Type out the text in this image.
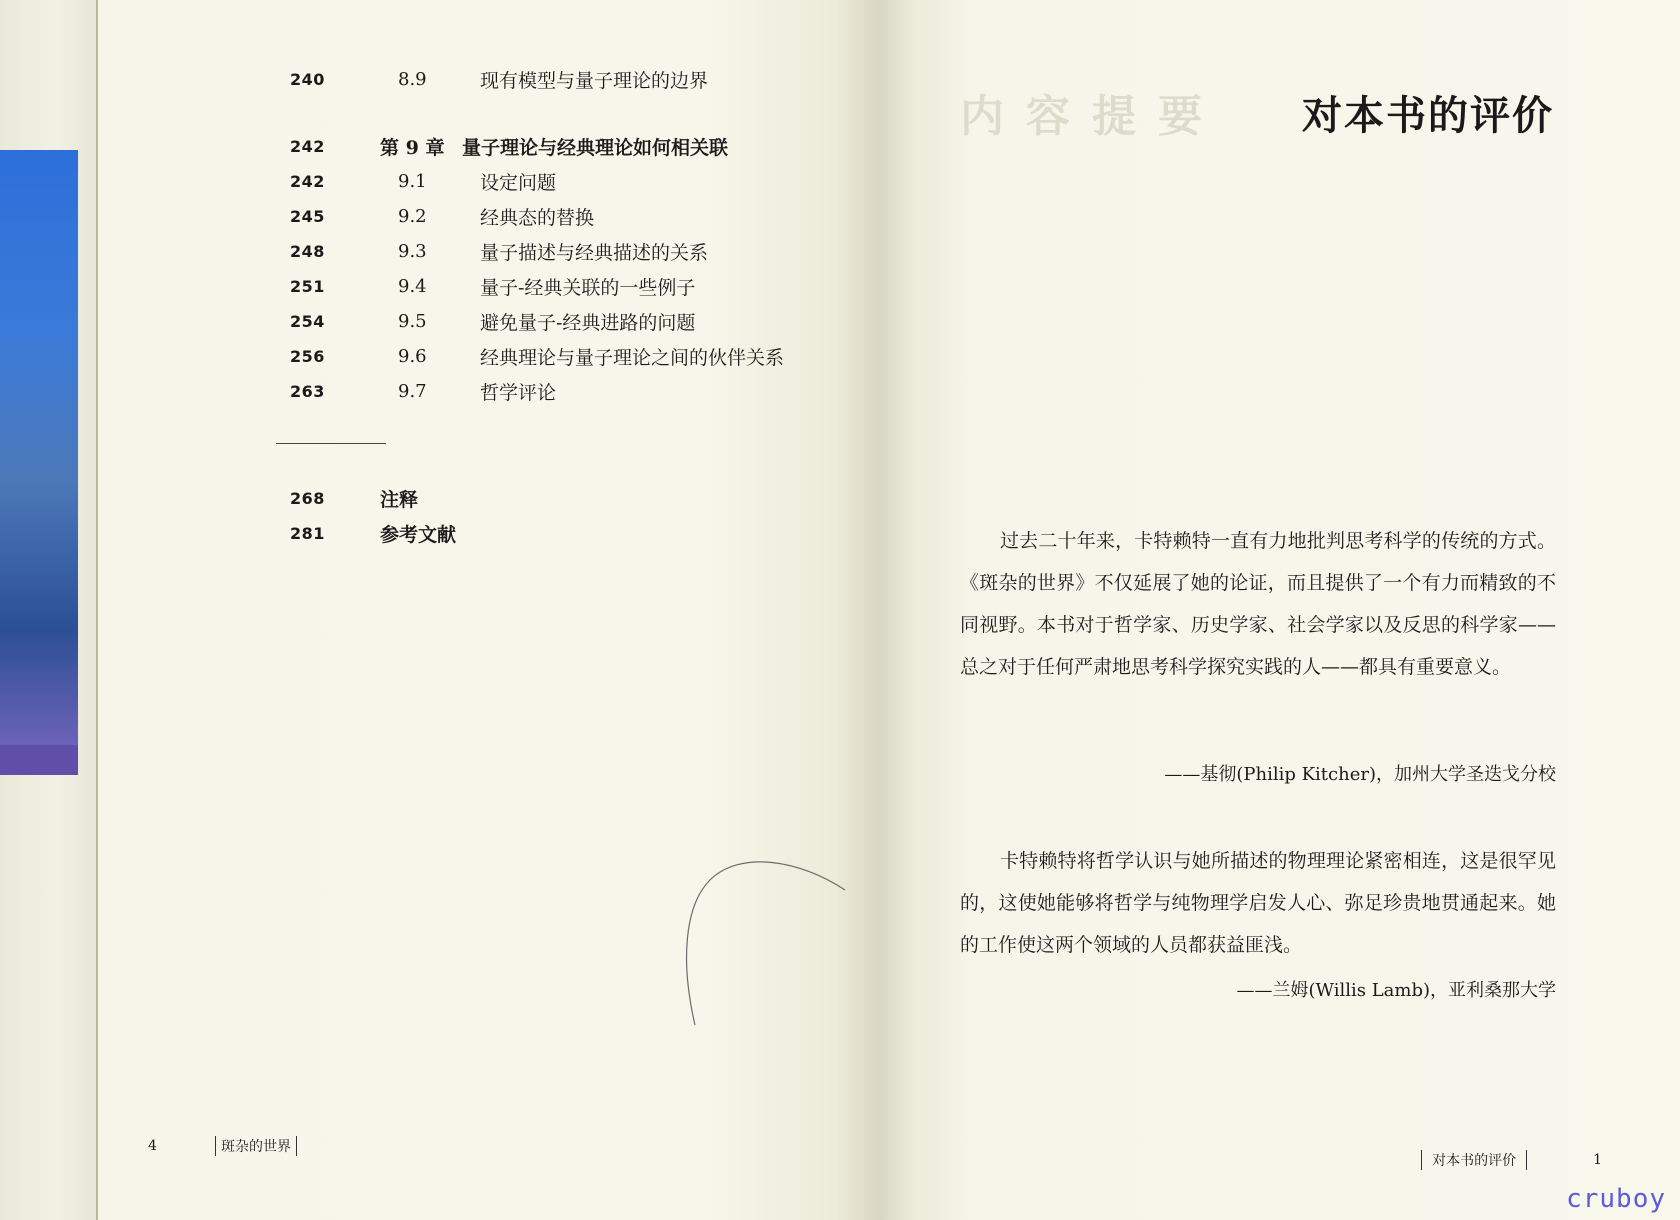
240	8.9	现有模型与量子理论的边界
242	第 9 章 量子理论与经典理论如何相关联
242	9.1	设定问题
245	9.2	经典态的替换
248	9.3	量子描述与经典描述的关系
251	9.4	量子-经典关联的一些例子
254	9.5	避免量子-经典进路的问题
256	9.6	经典理论与量子理论之间的伙伴关系
263	9.7	哲学评论
268	注释
281	参考文献
4	斑杂的世界
内容提要 对本书的评价

过去二十年来，卡特赖特一直有力地批判思考科学的传统的方式。《斑杂的世界》不仅延展了她的论证，而且提供了一个有力而精致的不同视野。本书对于哲学家、历史学家、社会学家以及反思的科学家——总之对于任何严肃地思考科学探究实践的人——都具有重要意义。

——基彻(Philip Kitcher)，加州大学圣迭戈分校

卡特赖特将哲学认识与她所描述的物理理论紧密相连，这是很罕见的，这使她能够将哲学与纯物理学启发人心、弥足珍贵地贯通起来。她的工作使这两个领域的人员都获益匪浅。

——兰姆(Willis Lamb)，亚利桑那大学
对本书的评价	1
cruboy
